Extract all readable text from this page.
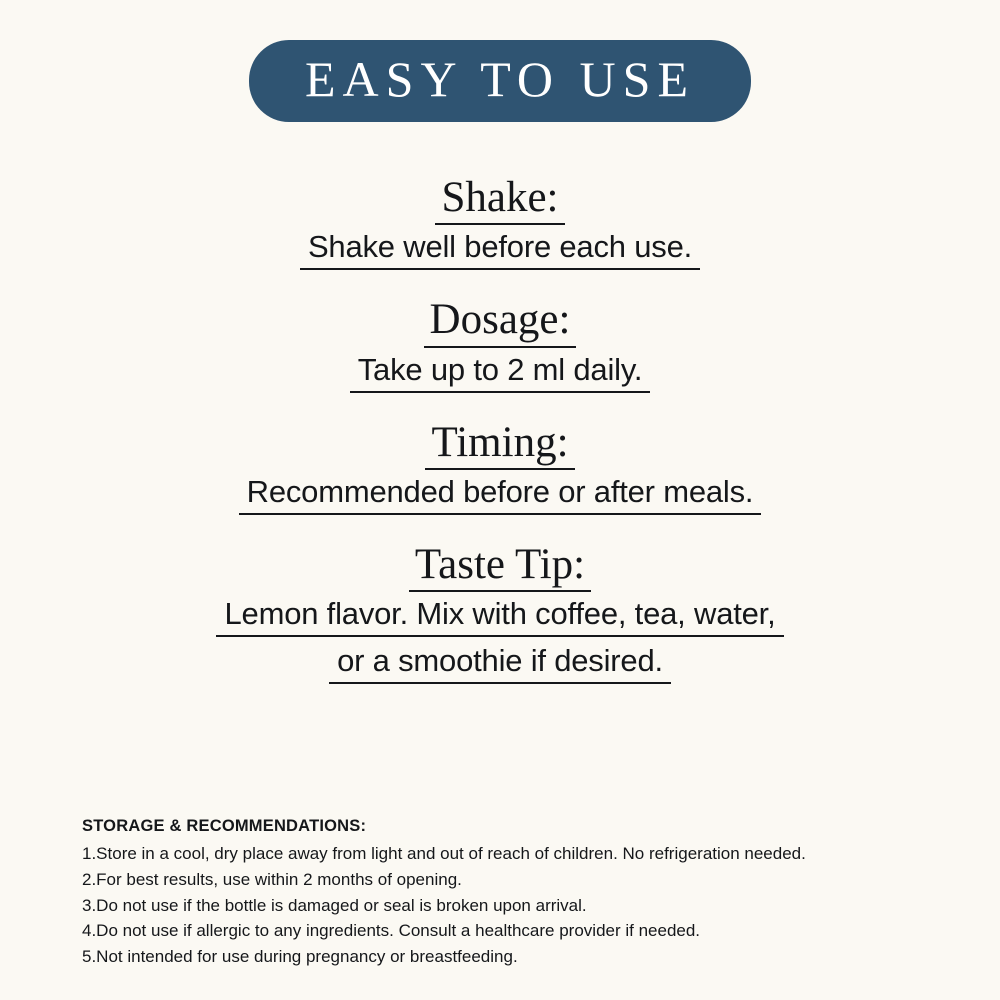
EASY TO USE
Shake:
Shake well before each use.
Dosage:
Take up to 2 ml daily.
Timing:
Recommended before or after meals.
Taste Tip:
Lemon flavor. Mix with coffee, tea, water,
or a smoothie if desired.
STORAGE & RECOMMENDATIONS:
1.Store in a cool, dry place away from light and out of reach of children. No refrigeration needed.
2.For best results, use within 2 months of opening.
3.Do not use if the bottle is damaged or seal is broken upon arrival.
4.Do not use if allergic to any ingredients. Consult a healthcare provider if needed.
5.Not intended for use during pregnancy or breastfeeding.
